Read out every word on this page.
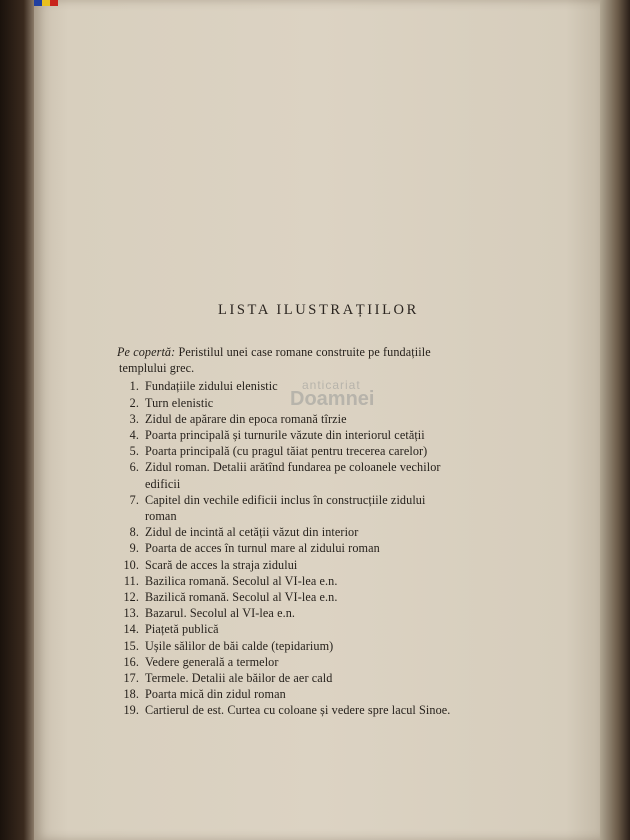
anticariat
Doamnei
LISTA ILUSTRAȚIILOR
Pe copertă: Peristilul unei case romane construite pe fundațiile
templului grec.
1. Fundațiile zidului elenistic
2. Turn elenistic
3. Zidul de apărare din epoca romană tîrzie
4. Poarta principală și turnurile văzute din interiorul cetății
5. Poarta principală (cu pragul tăiat pentru trecerea carelor)
6. Zidul roman. Detalii arătînd fundarea pe coloanele vechilor
edificii
7. Capitel din vechile edificii inclus în construcțiile zidului
roman
8. Zidul de incintă al cetății văzut din interior
9. Poarta de acces în turnul mare al zidului roman
10. Scară de acces la straja zidului
11. Bazilica romană. Secolul al VI-lea e.n.
12. Bazilică romană. Secolul al VI-lea e.n.
13. Bazarul. Secolul al VI-lea e.n.
14. Piațetă publică
15. Ușile sălilor de băi calde (tepidarium)
16. Vedere generală a termelor
17. Termele. Detalii ale băilor de aer cald
18. Poarta mică din zidul roman
19. Cartierul de est. Curtea cu coloane și vedere spre lacul Sinoe.
